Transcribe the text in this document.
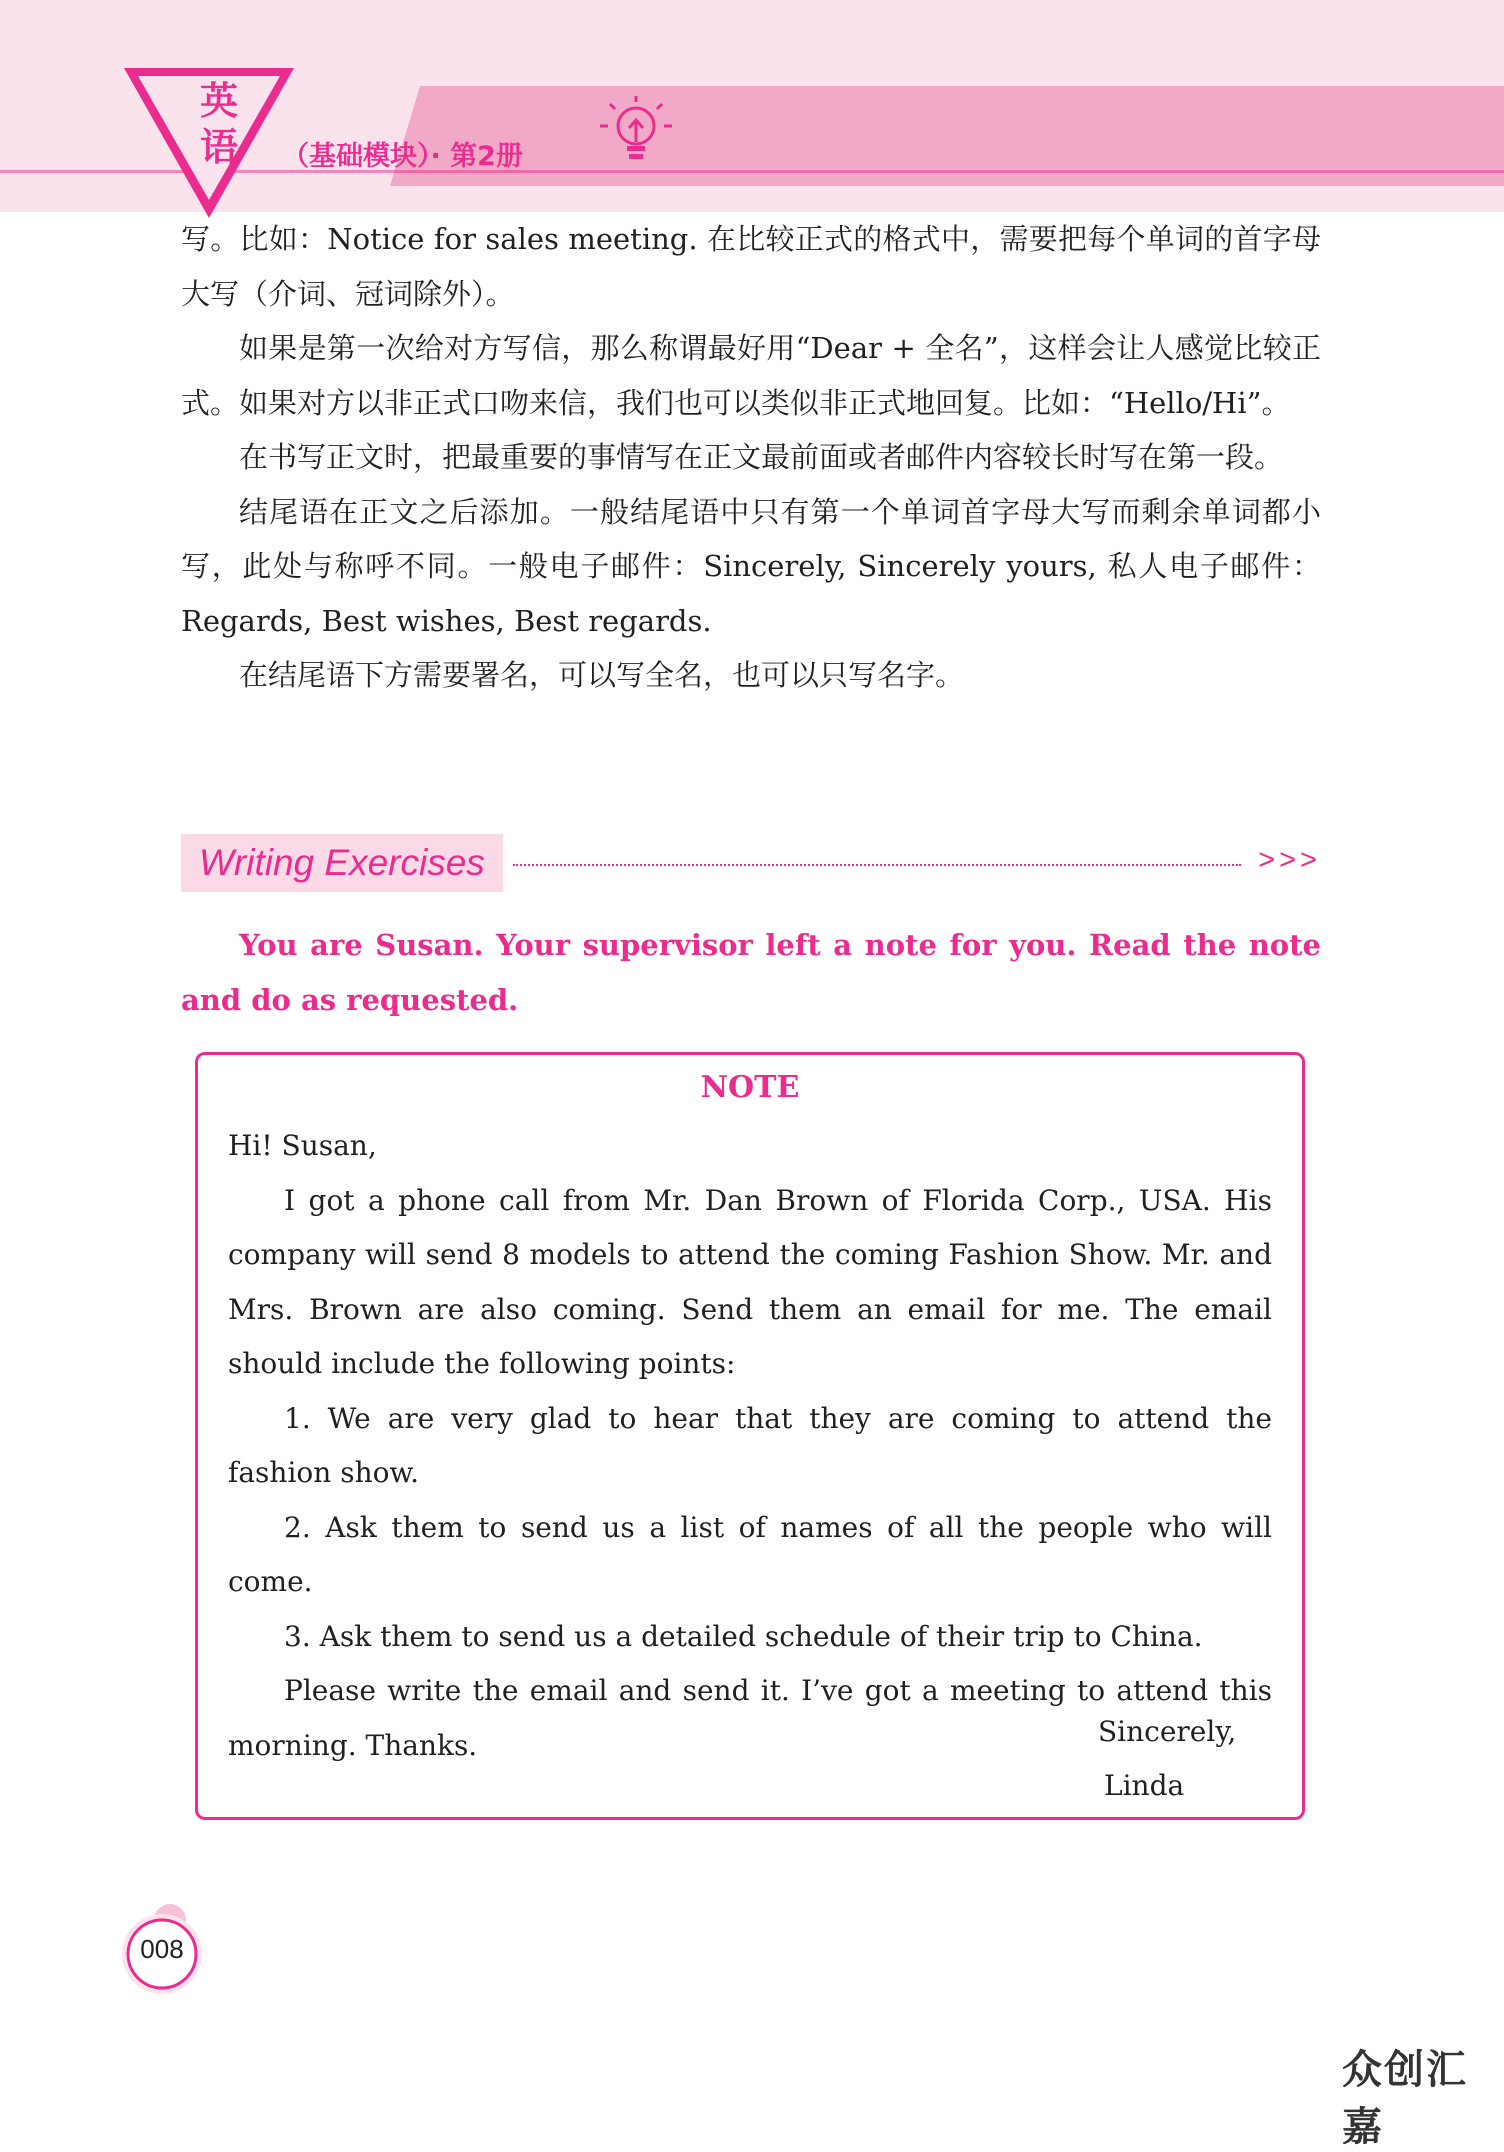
英语 （基础模块）· 第2册

写。比如：Notice for sales meeting. 在比较正式的格式中，需要把每个单词的首字母大写（介词、冠词除外）。

如果是第一次给对方写信，那么称谓最好用“Dear + 全名”，这样会让人感觉比较正式。如果对方以非正式口吻来信，我们也可以类似非正式地回复。比如：“Hello/Hi”。

在书写正文时，把最重要的事情写在正文最前面或者邮件内容较长时写在第一段。

结尾语在正文之后添加。一般结尾语中只有第一个单词首字母大写而剩余单词都小写，此处与称呼不同。一般电子邮件：Sincerely, Sincerely yours, 私人电子邮件：Regards, Best wishes, Best regards.

在结尾语下方需要署名，可以写全名，也可以只写名字。

Writing Exercises	>>>

You are Susan. Your supervisor left a note for you. Read the note and do as requested.

NOTE

Hi! Susan,

I got a phone call from Mr. Dan Brown of Florida Corp., USA. His company will send 8 models to attend the coming Fashion Show. Mr. and Mrs. Brown are also coming. Send them an email for me. The email should include the following points:

1. We are very glad to hear that they are coming to attend the fashion show.

2. Ask them to send us a list of names of all the people who will come.

3. Ask them to send us a detailed schedule of their trip to China.

Please write the email and send it. I’ve got a meeting to attend this morning. Thanks.	Sincerely,
Linda
008
众创汇嘉
